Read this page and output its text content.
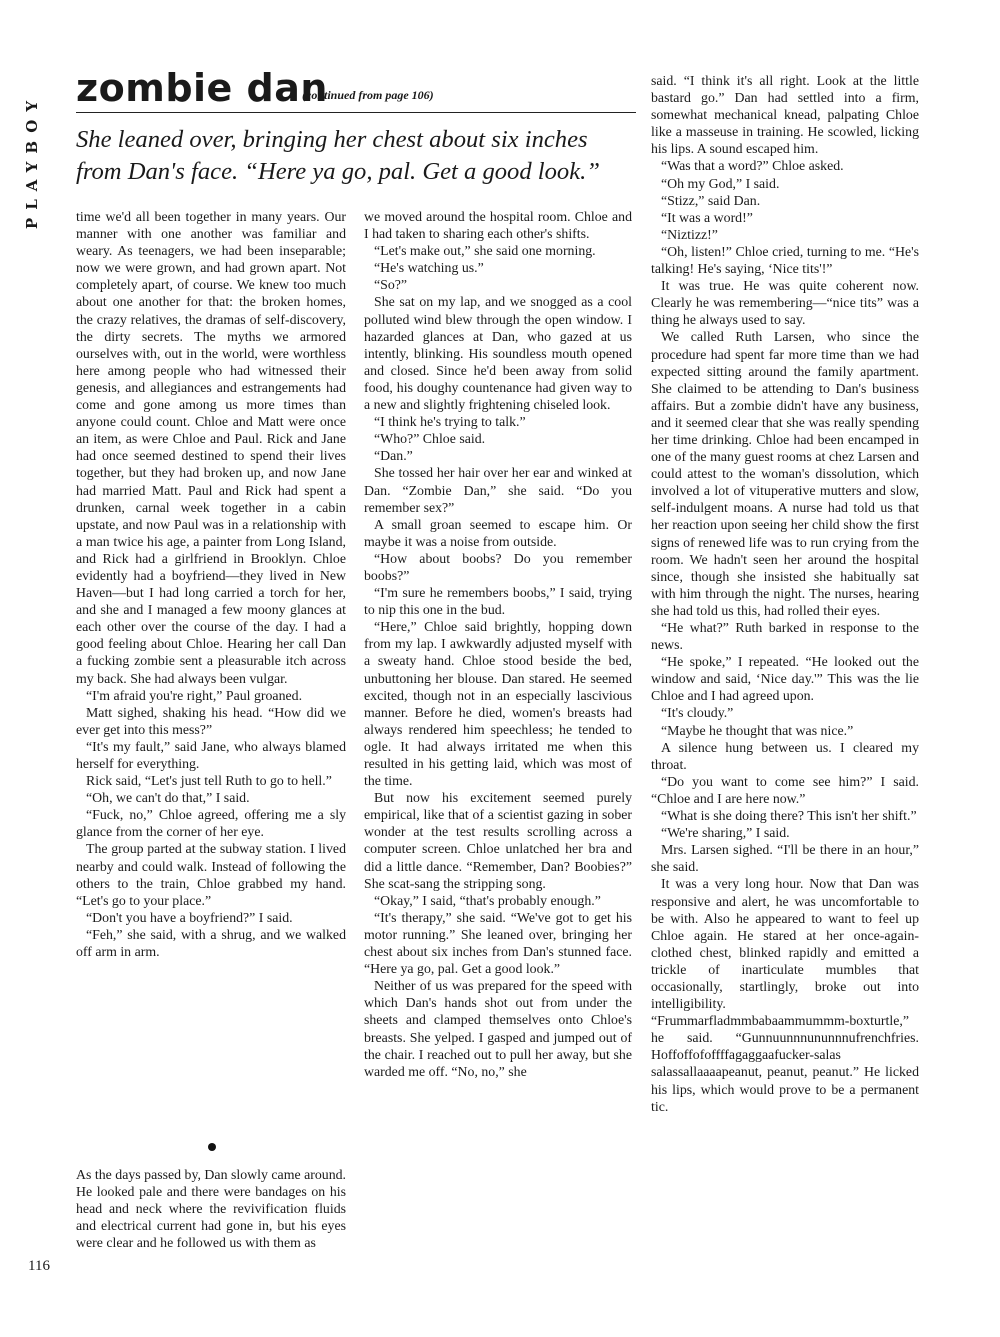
PLAYBOY
zombie dan
(continued from page 106)
She leaned over, bringing her chest about six inches
from Dan's face. “Here ya go, pal. Get a good look.”

time we'd all been together in many years. Our manner with one another was familiar and weary. As teenagers, we had been inseparable; now we were grown, and had grown apart. Not completely apart, of course. We knew too much about one another for that: the broken homes, the crazy relatives, the dramas of self-discovery, the dirty secrets. The myths we armored ourselves with, out in the world, were worthless here among people who had witnessed their genesis, and allegiances and estrangements had come and gone among us more times than anyone could count. Chloe and Matt were once an item, as were Chloe and Paul. Rick and Jane had once seemed destined to spend their lives together, but they had broken up, and now Jane had married Matt. Paul and Rick had spent a drunken, carnal week together in a cabin upstate, and now Paul was in a relationship with a man twice his age, a painter from Long Island, and Rick had a girlfriend in Brooklyn. Chloe evidently had a boyfriend—they lived in New Haven—but I had long carried a torch for her, and she and I managed a few moony glances at each other over the course of the day. I had a good feeling about Chloe. Hearing her call Dan a fucking zombie sent a pleasurable itch across my back. She had always been vulgar.

“I'm afraid you're right,” Paul groaned.

Matt sighed, shaking his head. “How did we ever get into this mess?”

“It's my fault,” said Jane, who always blamed herself for everything.

Rick said, “Let's just tell Ruth to go to hell.”

“Oh, we can't do that,” I said.

“Fuck, no,” Chloe agreed, offering me a sly glance from the corner of her eye.

The group parted at the subway station. I lived nearby and could walk. Instead of following the others to the train, Chloe grabbed my hand. “Let's go to your place.”

“Don't you have a boyfriend?” I said.

“Feh,” she said, with a shrug, and we walked off arm in arm.

As the days passed by, Dan slowly came around. He looked pale and there were bandages on his head and neck where the revivification fluids and electrical current had gone in, but his eyes were clear and he followed us with them as

we moved around the hospital room. Chloe and I had taken to sharing each other's shifts.

“Let's make out,” she said one morning.

“He's watching us.”

“So?”

She sat on my lap, and we snogged as a cool polluted wind blew through the open window. I hazarded glances at Dan, who gazed at us intently, blinking. His soundless mouth opened and closed. Since he'd been away from solid food, his doughy countenance had given way to a new and slightly frightening chiseled look.

“I think he's trying to talk.”

“Who?” Chloe said.

“Dan.”

She tossed her hair over her ear and winked at Dan. “Zombie Dan,” she said. “Do you remember sex?”

A small groan seemed to escape him. Or maybe it was a noise from outside.

“How about boobs? Do you remember boobs?”

“I'm sure he remembers boobs,” I said, trying to nip this one in the bud.

“Here,” Chloe said brightly, hopping down from my lap. I awkwardly adjusted myself with a sweaty hand. Chloe stood beside the bed, unbuttoning her blouse. Dan stared. He seemed excited, though not in an especially lascivious manner. Before he died, women's breasts had always rendered him speechless; he tended to ogle. It had always irritated me when this resulted in his getting laid, which was most of the time.

But now his excitement seemed purely empirical, like that of a scientist gazing in sober wonder at the test results scrolling across a computer screen. Chloe unlatched her bra and did a little dance. “Remember, Dan? Boobies?” She scat-sang the stripping song.

“Okay,” I said, “that's probably enough.”

“It's therapy,” she said. “We've got to get his motor running.” She leaned over, bringing her chest about six inches from Dan's stunned face. “Here ya go, pal. Get a good look.”

Neither of us was prepared for the speed with which Dan's hands shot out from under the sheets and clamped themselves onto Chloe's breasts. She yelped. I gasped and jumped out of the chair. I reached out to pull her away, but she warded me off. “No, no,” she

said. “I think it's all right. Look at the little bastard go.” Dan had settled into a firm, somewhat mechanical knead, palpating Chloe like a masseuse in training. He scowled, licking his lips. A sound escaped him.

“Was that a word?” Chloe asked.

“Oh my God,” I said.

“Stizz,” said Dan.

“It was a word!”

“Niztizz!”

“Oh, listen!” Chloe cried, turning to me. “He's talking! He's saying, ‘Nice tits'!”

It was true. He was quite coherent now. Clearly he was remembering—“nice tits” was a thing he always used to say.

We called Ruth Larsen, who since the procedure had spent far more time than we had expected sitting around the family apartment. She claimed to be attending to Dan's business affairs. But a zombie didn't have any business, and it seemed clear that she was really spending her time drinking. Chloe had been encamped in one of the many guest rooms at chez Larsen and could attest to the woman's dissolution, which involved a lot of vituperative mutters and slow, self-indulgent moans. A nurse had told us that her reaction upon seeing her child show the first signs of renewed life was to run crying from the room. We hadn't seen her around the hospital since, though she insisted she habitually sat with him through the night. The nurses, hearing she had told us this, had rolled their eyes.

“He what?” Ruth barked in response to the news.

“He spoke,” I repeated. “He looked out the window and said, ‘Nice day.'” This was the lie Chloe and I had agreed upon.

“It's cloudy.”

“Maybe he thought that was nice.”

A silence hung between us. I cleared my throat.

“Do you want to come see him?” I said. “Chloe and I are here now.”

“What is she doing there? This isn't her shift.”

“We're sharing,” I said.

Mrs. Larsen sighed. “I'll be there in an hour,” she said.

It was a very long hour. Now that Dan was responsive and alert, he was uncomfortable to be with. Also he appeared to want to feel up Chloe again. He stared at her once-again-clothed chest, blinked rapidly and emitted a trickle of inarticulate mumbles that occasionally, startlingly, broke out into intelligibility. “Frummarfladmmbabaammummm-boxturtle,” he said. “Gunnuunnnununnnufrenchfries. Hoffoffofoffffagaggaafucker-salas salassallaaaapeanut, peanut, peanut.” He licked his lips, which would prove to be a permanent tic.

116
